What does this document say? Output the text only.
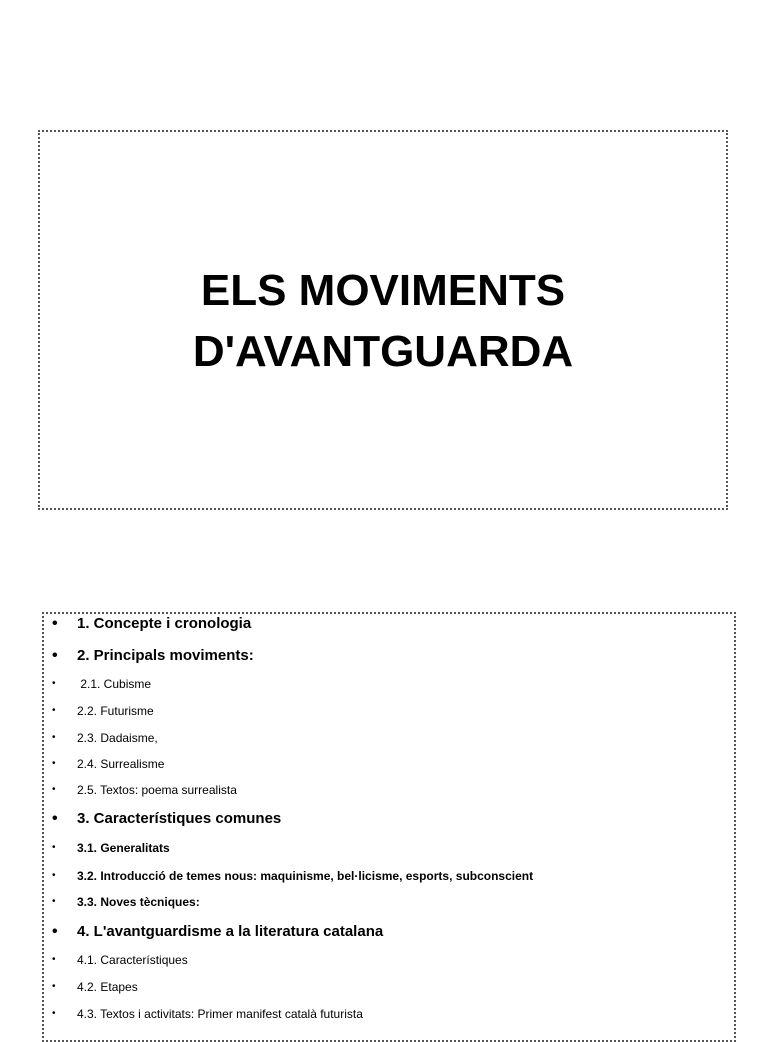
ELS MOVIMENTS
D'AVANTGUARDA
• 1. Concepte i cronologia
• 2. Principals moviments:
• 2.1. Cubisme
• 2.2. Futurisme
• 2.3. Dadaisme,
• 2.4. Surrealisme
• 2.5. Textos: poema surrealista
• 3. Característiques comunes
• 3.1. Generalitats
• 3.2. Introducció de temes nous: maquinisme, bel·licisme, esports, subconscient
• 3.3. Noves tècniques:
• 4. L'avantguardisme a la literatura catalana
• 4.1. Característiques
• 4.2. Etapes
• 4.3. Textos i activitats: Primer manifest català futurista
